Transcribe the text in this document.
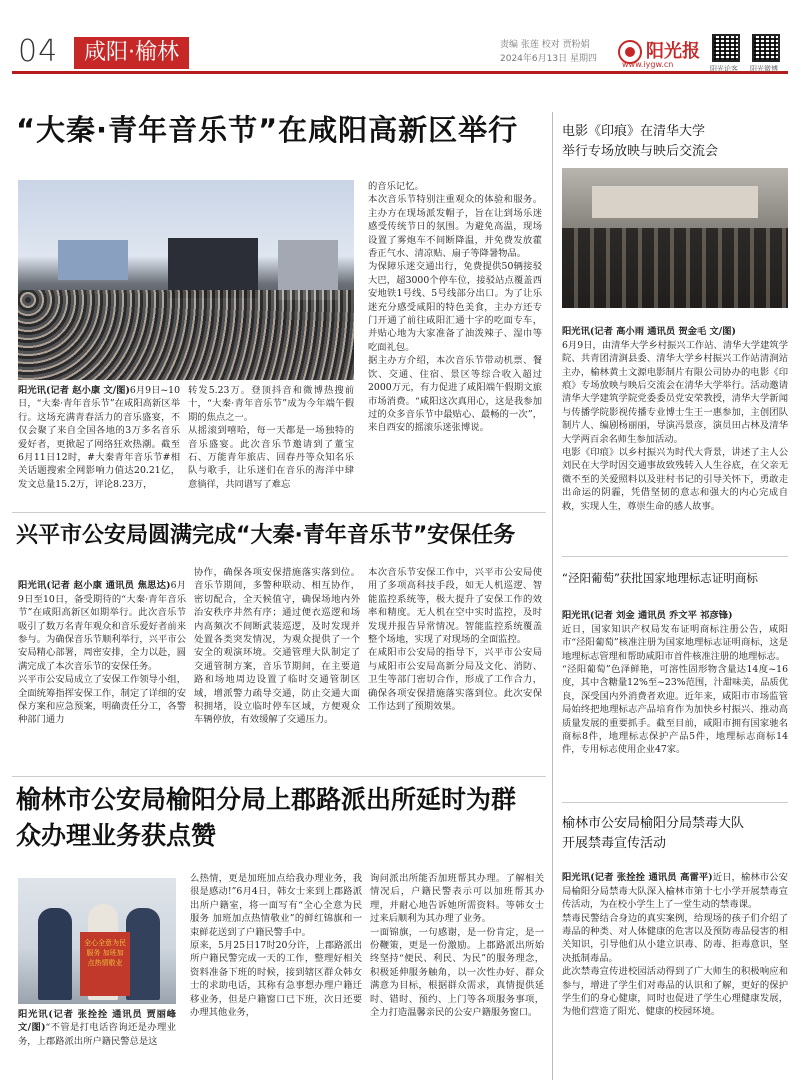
04	咸阳·榆林	责编 张莲 校对 贾粉娟
2024年6月13日 星期四	阳光报
www.iygw.cn	阳光论客 阳光微博
“大秦·青年音乐节”在咸阳高新区举行
阳光讯(记者 赵小康 文/图)6月9日~10日，“大秦·青年音乐节”在咸阳高新区举行。这场充满青春活力的音乐盛宴，不仅会聚了来自全国各地的3万多名音乐爱好者，更掀起了网络狂欢热潮。截至6月11日12时，#大秦青年音乐节#相关话题搜索全网影响力值达20.21亿，发文总量15.2万，评论8.23万，
转发5.23万。登顶抖音和微博热搜前十，“大秦·青年音乐节”成为今年端午假期的焦点之一。
从摇滚到嘻哈，每一天都是一场独特的音乐盛宴。此次音乐节邀请到了董宝石、万能青年旅店、回春丹等众知名乐队与歌手，让乐迷们在音乐的海洋中肆意徜徉，共同谱写了难忘
的音乐记忆。
本次音乐节特别注重观众的体验和服务。主办方在现场派发帽子，旨在让到场乐迷感受传统节日的氛围。为避免高温，现场设置了雾炮车不间断降温，并免费发放藿香正气水、清凉贴、扇子等降暑物品。
为保障乐迷交通出行，免费提供50辆接驳大巴，超3000个停车位，接驳站点覆盖西安地铁1号线、5号线部分出口。为了让乐迷充分感受咸阳的特色美食，主办方还专门开通了前往咸阳汇通十字的吃面专车，并贴心地为大家准备了油泼辣子、湿巾等吃面礼包。
据主办方介绍，本次音乐节带动机票、餐饮、交通、住宿、景区等综合收入超过2000万元，有力促进了咸阳端午假期文旅市场消费。“咸阳这次真用心，这是我参加过的众多音乐节中最贴心、最畅的一次”，来自西安的摇滚乐迷张博说。
兴平市公安局圆满完成“大秦·青年音乐节”安保任务

阳光讯(记者 赵小康 通讯员 焦思达)6月9日至10日，备受期待的“大秦·青年音乐节”在咸阳高新区如期举行。此次音乐节吸引了数万名青年观众和音乐爱好者前来参与。为确保音乐节顺利举行，兴平市公安局精心部署，周密安排，全力以赴，圆满完成了本次音乐节的安保任务。
兴平市公安局成立了安保工作领导小组，全面统筹指挥安保工作，制定了详细的安保方案和应急预案，明确责任分工，各警种部门通力

协作，确保各项安保措施落实落到位。音乐节期间，多警种联动、相互协作，密切配合，全天候值守，确保场地内外治安秩序井然有序；通过便衣巡逻和场内高频次不间断武装巡逻，及时发现并处置各类突发情况，为观众提供了一个安全的观演环境。交通管理大队制定了交通管制方案，音乐节期间，在主要道路和场地周边设置了临时交通管制区域，增派警力疏导交通，防止交通大面积拥堵，设立临时停车区域，方便观众车辆停放，有效缓解了交通压力。
本次音乐节安保工作中，兴平市公安局使用了多项高科技手段，如无人机巡逻、智能监控系统等，极大提升了安保工作的效率和精度。无人机在空中实时监控，及时发现并报告异常情况。智能监控系统覆盖整个场地，实现了对现场的全面监控。
在咸阳市公安局的指导下，兴平市公安局与咸阳市公安局高新分局及文化、消防、卫生等部门密切合作，形成了工作合力，确保各项安保措施落实落到位。此次安保工作达到了预期效果。
榆林市公安局榆阳分局上郡路派出所延时为群众办理业务获点赞
全心全意为民服务 加班加点热情敬业
阳光讯(记者 张拴拴 通讯员 贾丽峰 文/图)“不管是打电话咨询还是办理业务，上郡路派出所户籍民警总是这
么热情，更是加班加点给我办理业务，我很是感动!”6月4日，韩女士来到上郡路派出所户籍室，将一面写有“全心全意为民服务 加班加点热情敬业”的鲜红锦旗和一束鲜花送到了户籍民警手中。
原来，5月25日17时20分许，上郡路派出所户籍民警完成一天的工作，整理好相关资料准备下班的时候，接到辖区群众韩女士的求助电话，其称有急事想办理户籍迁移业务，但是户籍窗口已下班，次日还要办理其他业务，
询问派出所能否加班帮其办理。了解相关情况后，户籍民警表示可以加班帮其办理，并耐心地告诉她所需资料。等韩女士过来后顺利为其办理了业务。
一面锦旗，一句感谢，是一份肯定，是一份鞭策，更是一份激励。上郡路派出所始终坚持“便民、利民、为民”的服务理念，积极延伸服务触角，以一次性办好、群众满意为目标，根据群众需求，真情提供延时、错时、预约、上门等各项服务事项，全力打造温馨亲民的公安户籍服务窗口。
电影《印痕》在清华大学
举行专场放映与映后交流会

阳光讯(记者 高小雨 通讯员 贺金毛 文/图)
6月9日，由清华大学乡村振兴工作站、清华大学建筑学院、共青团清涧县委、清华大学乡村振兴工作站清涧站主办，榆林黄土文源电影制片有限公司协办的电影《印痕》专场放映与映后交流会在清华大学举行。活动邀请清华大学建筑学院党委委员党安荣教授，清华大学新闻与传播学院影视传播专业博士生王一惠参加，主创团队制片人、编剧杨丽丽，导演冯景彦，演员田占林及清华大学两百余名师生参加活动。
电影《印痕》以乡村振兴为时代大背景，讲述了主人公刘民在大学时因交通事故致残转入人生谷底，在父亲无微不至的关爱照料以及驻村书记的引导关怀下，勇敢走出命运的阴霾，凭借坚韧的意志和强大的内心完成自救，实现人生，尊崇生命的感人故事。

“泾阳葡萄”获批国家地理标志证明商标

阳光讯(记者 刘金 通讯员 乔文平 祁彦锋)
近日，国家知识产权局发布证明商标注册公告，咸阳市“泾阳葡萄”核准注册为国家地理标志证明商标，这是地理标志管理和帮助咸阳市首件核准注册的地理标志。
“泾阳葡萄”色泽鲜艳，可溶性固形物含量达14度~16度，其中含糖量12%至~23%范围，汁甜味美，品质优良，深受国内外消费者欢迎。近年来，咸阳市市场监管局始终把地理标志产品培育作为加快乡村振兴、推动高质量发展的重要抓手。截至目前，咸阳市拥有国家驰名商标8件，地理标志保护产品5件，地理标志商标14件，专用标志使用企业47家。

榆林市公安局榆阳分局禁毒大队
开展禁毒宣传活动

阳光讯(记者 张拴拴 通讯员 高雷平)近日，榆林市公安局榆阳分局禁毒大队深入榆林市第十七小学开展禁毒宣传活动，为在校小学生上了一堂生动的禁毒课。
禁毒民警结合身边的真实案例，给现场的孩子们介绍了毒品的种类、对人体健康的危害以及预防毒品侵害的相关知识，引导他们从小建立识毒、防毒、拒毒意识，坚决抵制毒品。
此次禁毒宣传进校园活动得到了广大师生的积极响应和参与，增进了学生们对毒品的认识和了解，更好的保护学生们的身心健康，同时也促进了学生心理健康发展，为他们营造了阳光、健康的校园环境。
